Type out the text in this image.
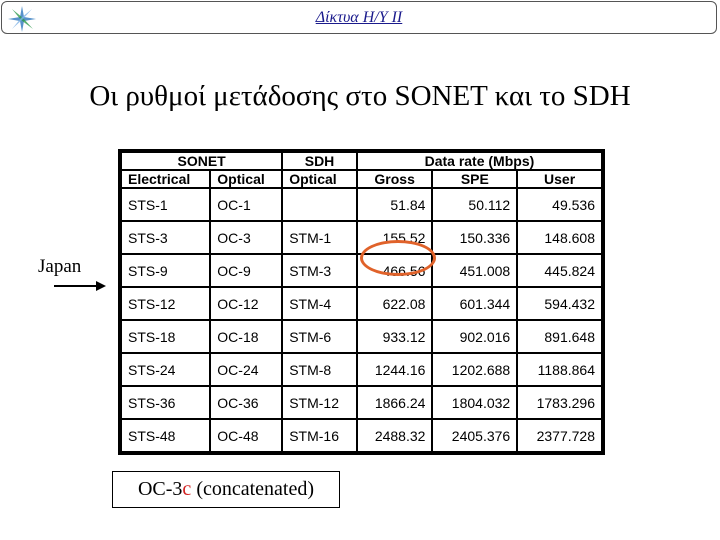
Δίκτυα Η/Υ ΙΙ
Οι ρυθμοί μετάδοσης στο SONET και το SDH
SONET		SDH	Data rate (Mbps)		
Electrical	Optical	Optical	Gross	SPE	User
STS-1	OC-1		51.84	50.112	49.536
STS-3	OC-3	STM-1	155.52	150.336	148.608
STS-9	OC-9	STM-3	466.56	451.008	445.824
STS-12	OC-12	STM-4	622.08	601.344	594.432
STS-18	OC-18	STM-6	933.12	902.016	891.648
STS-24	OC-24	STM-8	1244.16	1202.688	1188.864
STS-36	OC-36	STM-12	1866.24	1804.032	1783.296
STS-48	OC-48	STM-16	2488.32	2405.376	2377.728
Japan
OC-3c (concatenated)
